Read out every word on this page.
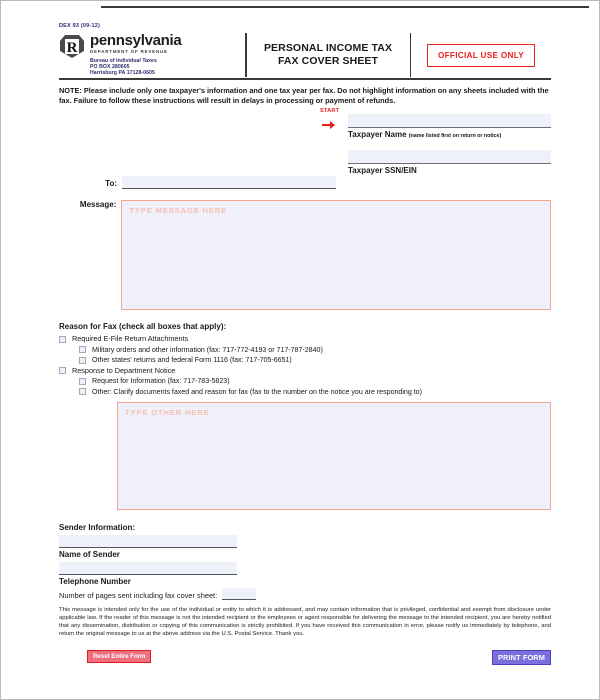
DEX 93 (09-12)
R pennsylvania
DEPARTMENT OF REVENUE
Bureau of Individual Taxes
PO BOX 280605
Harrisburg PA 17128-0605
PERSONAL INCOME TAX
FAX COVER SHEET	OFFICIAL USE ONLY
NOTE: Please include only one taxpayer's information and one tax year per fax. Do not highlight information on any sheets included with the fax. Failure to follow these instructions will result in delays in processing or payment of refunds.
START
Taxpayer Name (name listed first on return or notice)
Taxpayer SSN/EIN
To:
Message:
TYPE MESSAGE HERE
Reason for Fax (check all boxes that apply):
Required E-File Return Attachments
Military orders and other information (fax: 717-772-4193 or 717-787-2840)
Other states' returns and federal Form 1116 (fax: 717-705-6651)
Response to Department Notice
Request for Information (fax: 717-783-5823)
Other: Clarify documents faxed and reason for fax (fax to the number on the notice you are responding to)
TYPE OTHER HERE
Sender Information:
Name of Sender
Telephone Number
Number of pages sent including fax cover sheet:
This message is intended only for the use of the individual or entity to which it is addressed, and may contain information that is privileged, confidential and exempt from disclosure under applicable law. If the reader of this message is not the intended recipient or the employees or agent responsible for delivering the message to the intended recipient, you are hereby notified that any dissemination, distribution or copying of this communication is strictly prohibited. If you have received this communication in error, please notify us immediately by telephone, and return the original message to us at the above address via the U.S. Postal Service. Thank you.
Reset Entire Form	PRINT FORM
